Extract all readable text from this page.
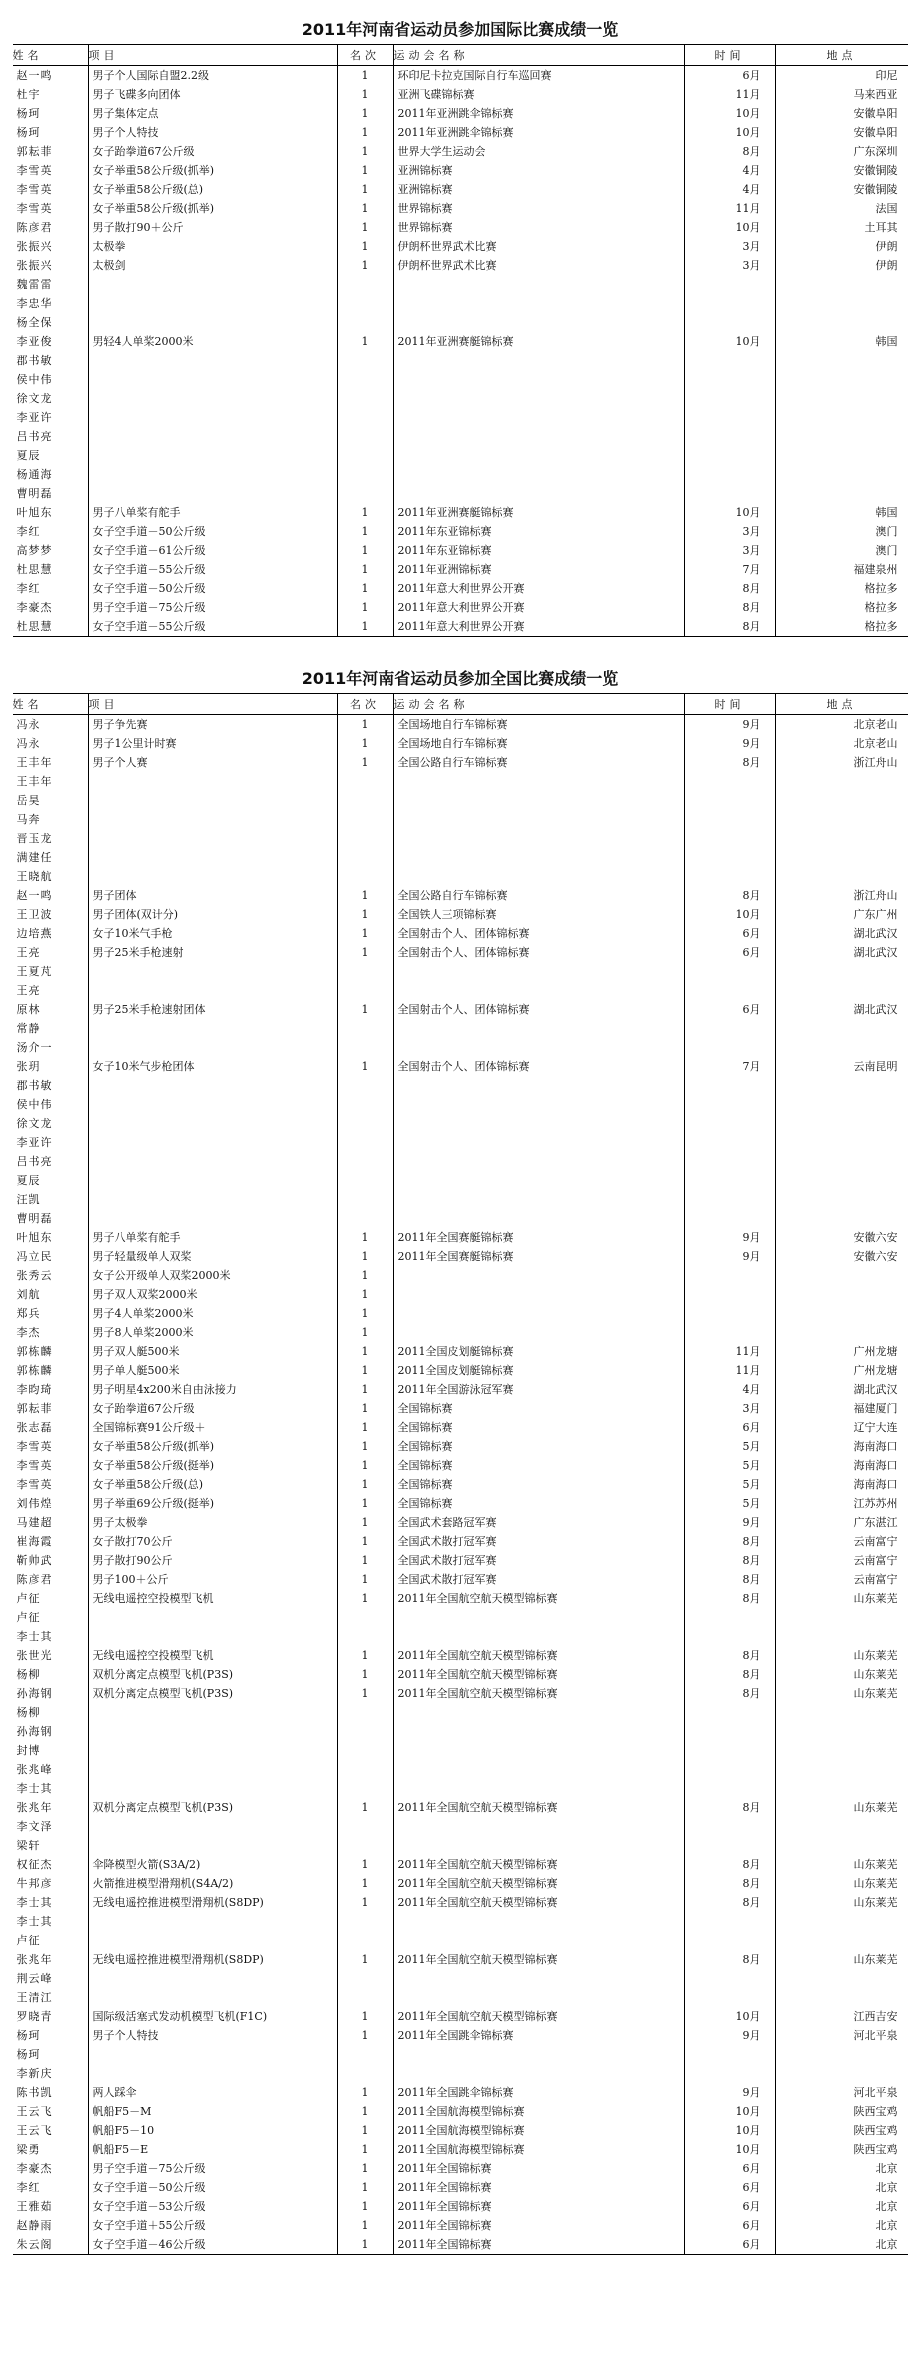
2011年河南省运动员参加国际比赛成绩一览
姓名	项目	名次	运动会名称	时间	地点
赵一鸣	男子个人国际自盟2.2级	1	环印尼卡拉克国际自行车巡回赛	6月	印尼
杜宇	男子飞碟多向团体	1	亚洲飞碟锦标赛	11月	马来西亚
杨珂	男子集体定点	1	2011年亚洲跳伞锦标赛	10月	安徽阜阳
杨珂	男子个人特技	1	2011年亚洲跳伞锦标赛	10月	安徽阜阳
郭耘菲	女子跆拳道67公斤级	1	世界大学生运动会	8月	广东深圳
李雪英	女子举重58公斤级(抓举)	1	亚洲锦标赛	4月	安徽铜陵
李雪英	女子举重58公斤级(总)	1	亚洲锦标赛	4月	安徽铜陵
李雪英	女子举重58公斤级(抓举)	1	世界锦标赛	11月	法国
陈彦君	男子散打90＋公斤	1	世界锦标赛	10月	土耳其
张振兴	太极拳	1	伊朗杯世界武术比赛	3月	伊朗
张振兴	太极剑	1	伊朗杯世界武术比赛	3月	伊朗
魏雷雷					
李忠华					
杨全保					
李亚俊	男轻4人单桨2000米	1	2011年亚洲赛艇锦标赛	10月	韩国
郡书敏					
侯中伟					
徐文龙					
李亚许					
吕书亮					
夏辰					
杨通海					
曹明磊					
叶旭东	男子八单桨有舵手	1	2011年亚洲赛艇锦标赛	10月	韩国
李红	女子空手道－50公斤级	1	2011年东亚锦标赛	3月	澳门
高梦梦	女子空手道－61公斤级	1	2011年东亚锦标赛	3月	澳门
杜思慧	女子空手道－55公斤级	1	2011年亚洲锦标赛	7月	福建泉州
李红	女子空手道－50公斤级	1	2011年意大利世界公开赛	8月	格拉多
李豪杰	男子空手道－75公斤级	1	2011年意大利世界公开赛	8月	格拉多
杜思慧	女子空手道－55公斤级	1	2011年意大利世界公开赛	8月	格拉多
2011年河南省运动员参加全国比赛成绩一览
姓名	项目	名次	运动会名称	时间	地点
冯永	男子争先赛	1	全国场地自行车锦标赛	9月	北京老山
冯永	男子1公里计时赛	1	全国场地自行车锦标赛	9月	北京老山
王丰年	男子个人赛	1	全国公路自行车锦标赛	8月	浙江舟山
王丰年					
岳昊					
马奔					
晋玉龙					
满建任					
王晓航					
赵一鸣	男子团体	1	全国公路自行车锦标赛	8月	浙江舟山
王卫波	男子团体(双计分)	1	全国铁人三项锦标赛	10月	广东广州
边培燕	女子10米气手枪	1	全国射击个人、团体锦标赛	6月	湖北武汉
王亮	男子25米手枪速射	1	全国射击个人、团体锦标赛	6月	湖北武汉
王夏芃					
王亮					
原林	男子25米手枪速射团体	1	全国射击个人、团体锦标赛	6月	湖北武汉
常静					
汤介一					
张玥	女子10米气步枪团体	1	全国射击个人、团体锦标赛	7月	云南昆明
郡书敏					
侯中伟					
徐文龙					
李亚许					
吕书亮					
夏辰					
汪凯					
曹明磊					
叶旭东	男子八单桨有舵手	1	2011年全国赛艇锦标赛	9月	安徽六安
冯立民	男子轻量级单人双桨	1	2011年全国赛艇锦标赛	9月	安徽六安
张秀云	女子公开级单人双桨2000米	1			
刘航	男子双人双桨2000米	1			
郑兵	男子4人单桨2000米	1			
李杰	男子8人单桨2000米	1			
郭栋麟	男子双人艇500米	1	2011全国皮划艇锦标赛	11月	广州龙塘
郭栋麟	男子单人艇500米	1	2011全国皮划艇锦标赛	11月	广州龙塘
李昀琦	男子明星4x200米自由泳接力	1	2011年全国游泳冠军赛	4月	湖北武汉
郭耘菲	女子跆拳道67公斤级	1	全国锦标赛	3月	福建厦门
张志磊	全国锦标赛91公斤级＋	1	全国锦标赛	6月	辽宁大连
李雪英	女子举重58公斤级(抓举)	1	全国锦标赛	5月	海南海口
李雪英	女子举重58公斤级(挺举)	1	全国锦标赛	5月	海南海口
李雪英	女子举重58公斤级(总)	1	全国锦标赛	5月	海南海口
刘伟煌	男子举重69公斤级(挺举)	1	全国锦标赛	5月	江苏苏州
马建超	男子太极拳	1	全国武术套路冠军赛	9月	广东湛江
崔海霞	女子散打70公斤	1	全国武术散打冠军赛	8月	云南富宁
靳帅武	男子散打90公斤	1	全国武术散打冠军赛	8月	云南富宁
陈彦君	男子100＋公斤	1	全国武术散打冠军赛	8月	云南富宁
卢征	无线电遥控空投模型飞机	1	2011年全国航空航天模型锦标赛	8月	山东莱芜
卢征					
李士其					
张世光	无线电遥控空投模型飞机	1	2011年全国航空航天模型锦标赛	8月	山东莱芜
杨柳	双机分离定点模型飞机(P3S)	1	2011年全国航空航天模型锦标赛	8月	山东莱芜
孙海钢	双机分离定点模型飞机(P3S)	1	2011年全国航空航天模型锦标赛	8月	山东莱芜
杨柳					
孙海钢					
封博					
张兆峰					
李士其					
张兆年	双机分离定点模型飞机(P3S)	1	2011年全国航空航天模型锦标赛	8月	山东莱芜
李文泽					
梁轩					
权征杰	伞降模型火箭(S3A/2)	1	2011年全国航空航天模型锦标赛	8月	山东莱芜
牛邦彦	火箭推进模型滑翔机(S4A/2)	1	2011年全国航空航天模型锦标赛	8月	山东莱芜
李士其	无线电遥控推进模型滑翔机(S8DP)	1	2011年全国航空航天模型锦标赛	8月	山东莱芜
李士其					
卢征					
张兆年	无线电遥控推进模型滑翔机(S8DP)	1	2011年全国航空航天模型锦标赛	8月	山东莱芜
荆云峰					
王清江					
罗晓青	国际级活塞式发动机模型飞机(F1C)	1	2011年全国航空航天模型锦标赛	10月	江西吉安
杨珂	男子个人特技	1	2011年全国跳伞锦标赛	9月	河北平泉
杨珂					
李新庆					
陈书凯	两人踩伞	1	2011年全国跳伞锦标赛	9月	河北平泉
王云飞	帆船F5－M	1	2011全国航海模型锦标赛	10月	陕西宝鸡
王云飞	帆船F5－10	1	2011全国航海模型锦标赛	10月	陕西宝鸡
梁勇	帆船F5－E	1	2011全国航海模型锦标赛	10月	陕西宝鸡
李豪杰	男子空手道－75公斤级	1	2011年全国锦标赛	6月	北京
李红	女子空手道－50公斤级	1	2011年全国锦标赛	6月	北京
王雅茹	女子空手道－53公斤级	1	2011年全国锦标赛	6月	北京
赵静雨	女子空手道＋55公斤级	1	2011年全国锦标赛	6月	北京
朱云阁	女子空手道－46公斤级	1	2011年全国锦标赛	6月	北京
